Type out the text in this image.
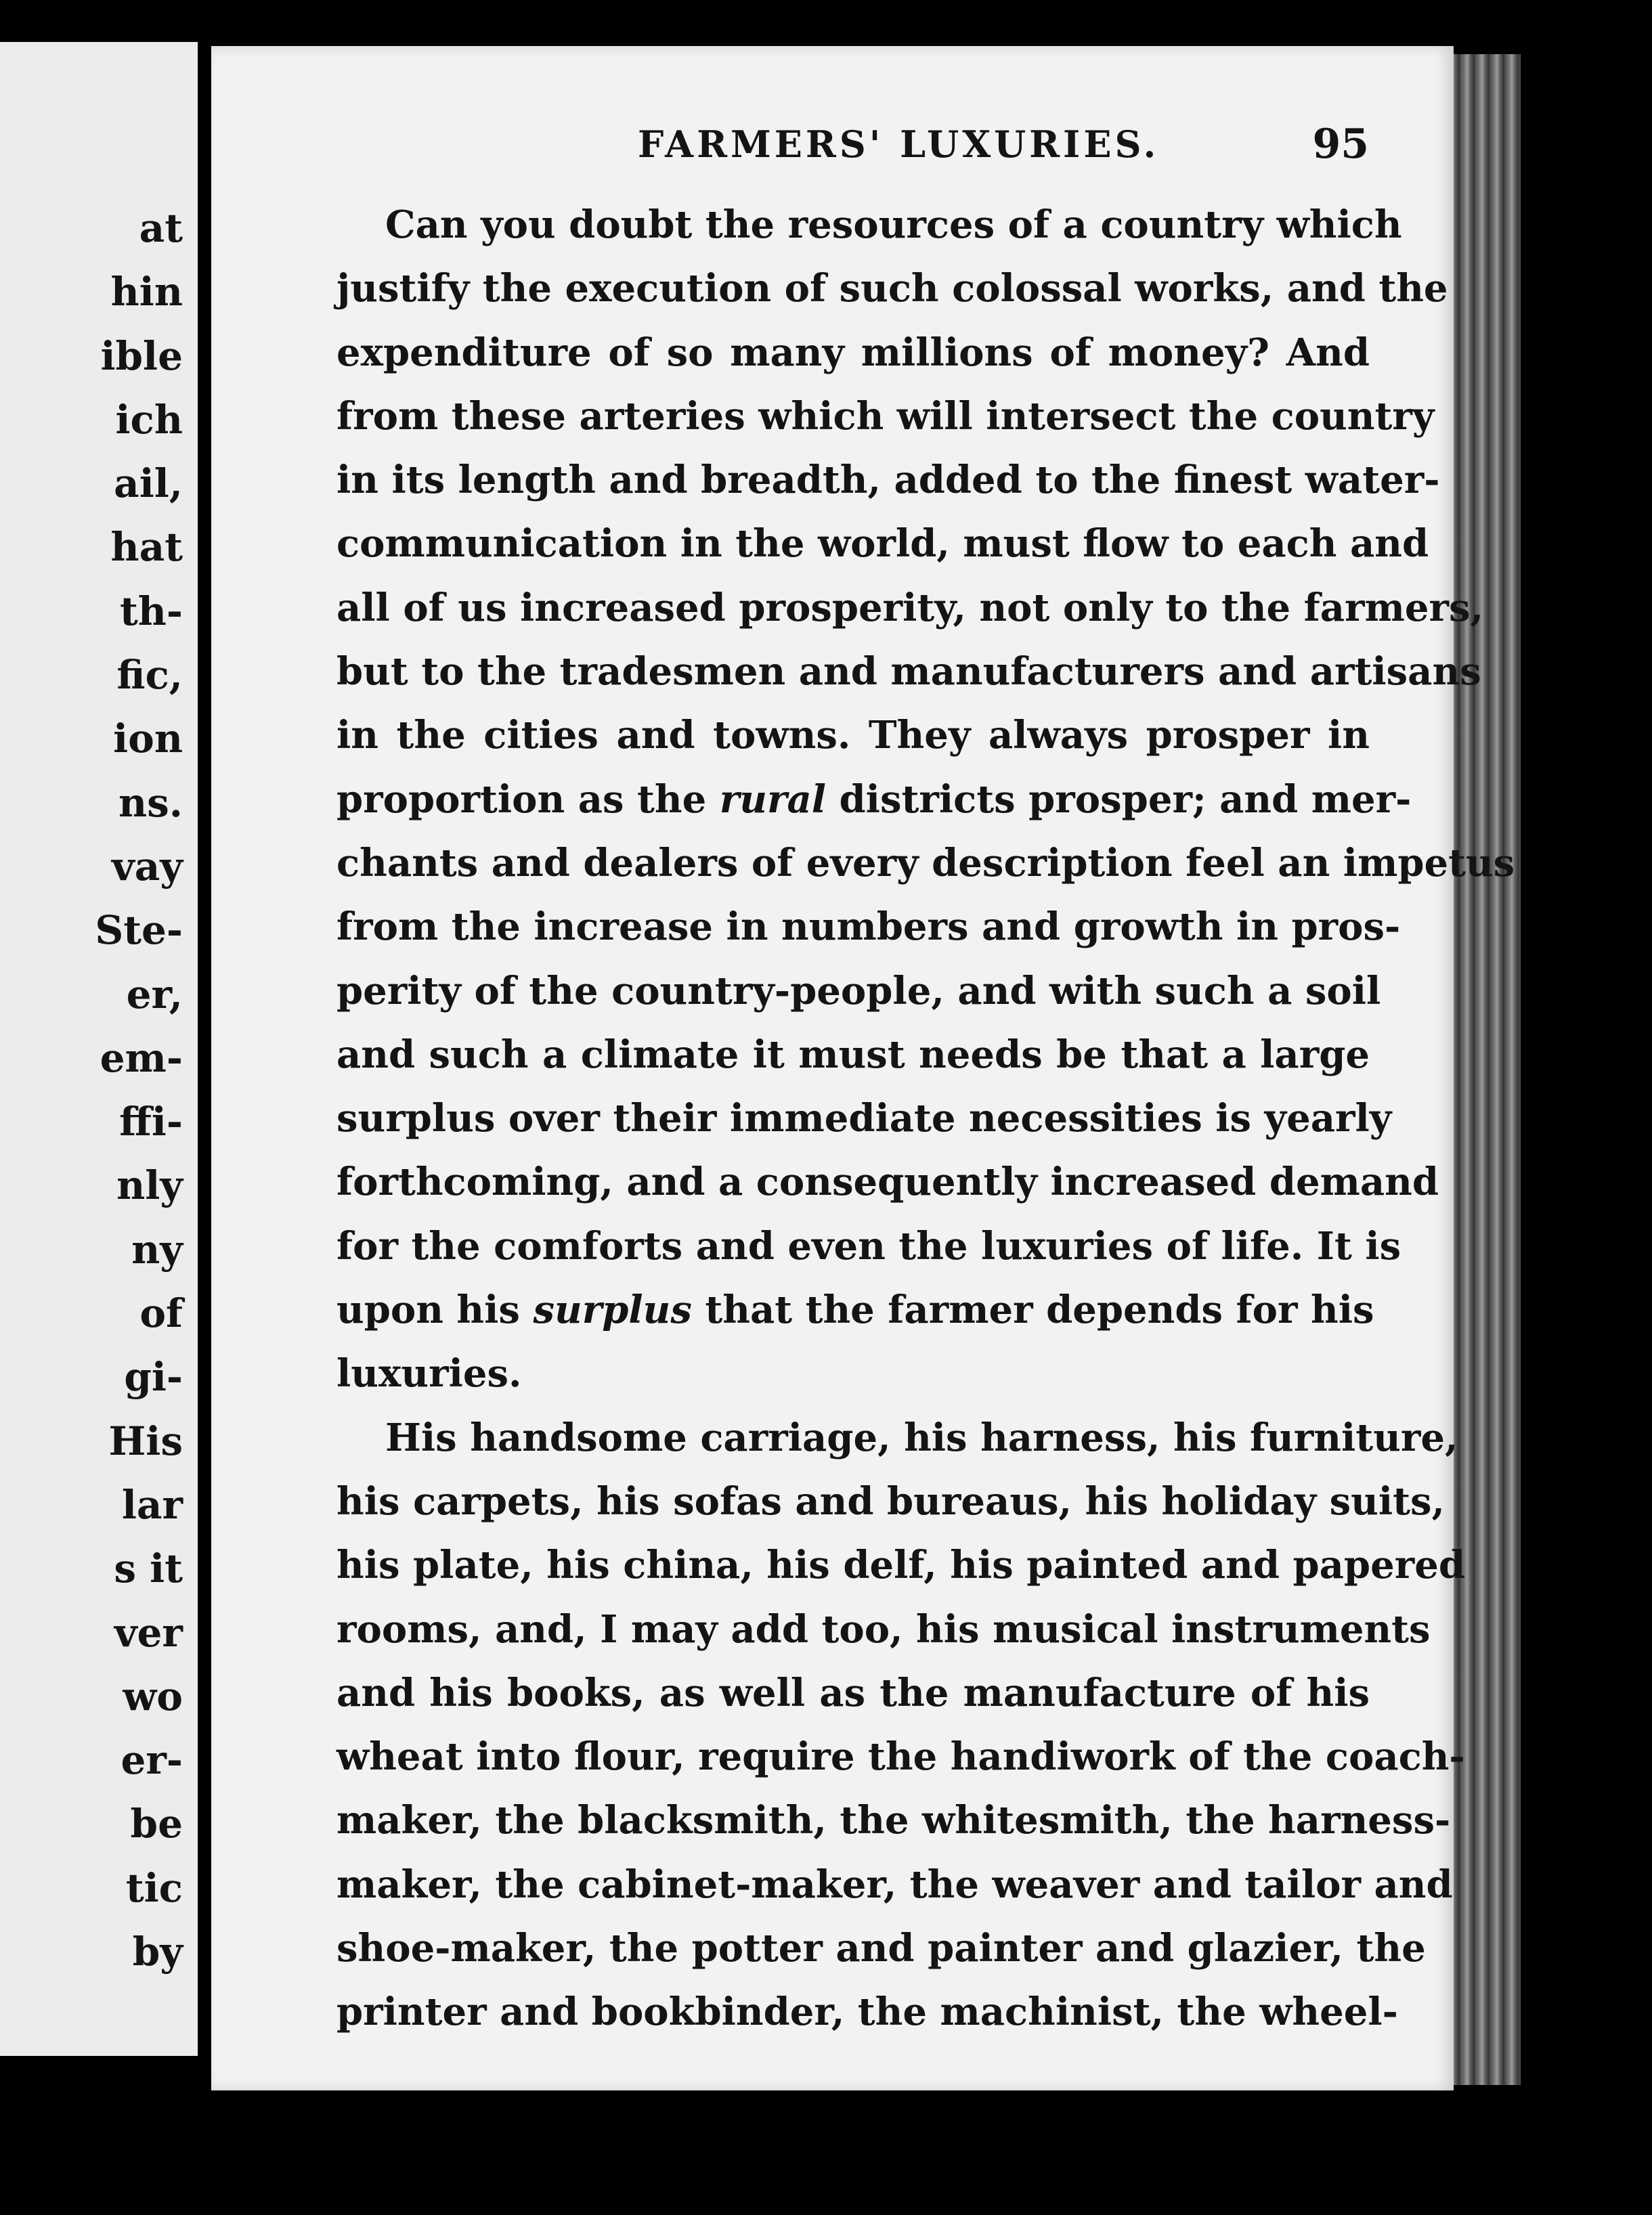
at
hin
ible
ich
ail,
hat
th-
fic,
ion
ns.
vay
Ste-
er,
em-
ffi-
nly
ny
of
gi-
His
lar
s it
ver
wo
er-
be
tic
by
FARMERS' LUXURIES.	95
Can you doubt the resources of a country which
justify the execution of such colossal works, and the
expenditure of so many millions of money? And
from these arteries which will intersect the country
in its length and breadth, added to the finest water-
communication in the world, must flow to each and
all of us increased prosperity, not only to the farmers,
but to the tradesmen and manufacturers and artisans
in the cities and towns. They always prosper in
proportion as the rural districts prosper; and mer-
chants and dealers of every description feel an impetus
from the increase in numbers and growth in pros-
perity of the country-people, and with such a soil
and such a climate it must needs be that a large
surplus over their immediate necessities is yearly
forthcoming, and a consequently increased demand
for the comforts and even the luxuries of life. It is
upon his surplus that the farmer depends for his
luxuries.
His handsome carriage, his harness, his furniture,
his carpets, his sofas and bureaus, his holiday suits,
his plate, his china, his delf, his painted and papered
rooms, and, I may add too, his musical instruments
and his books, as well as the manufacture of his
wheat into flour, require the handiwork of the coach-
maker, the blacksmith, the whitesmith, the harness-
maker, the cabinet-maker, the weaver and tailor and
shoe-maker, the potter and painter and glazier, the
printer and bookbinder, the machinist, the wheel-
